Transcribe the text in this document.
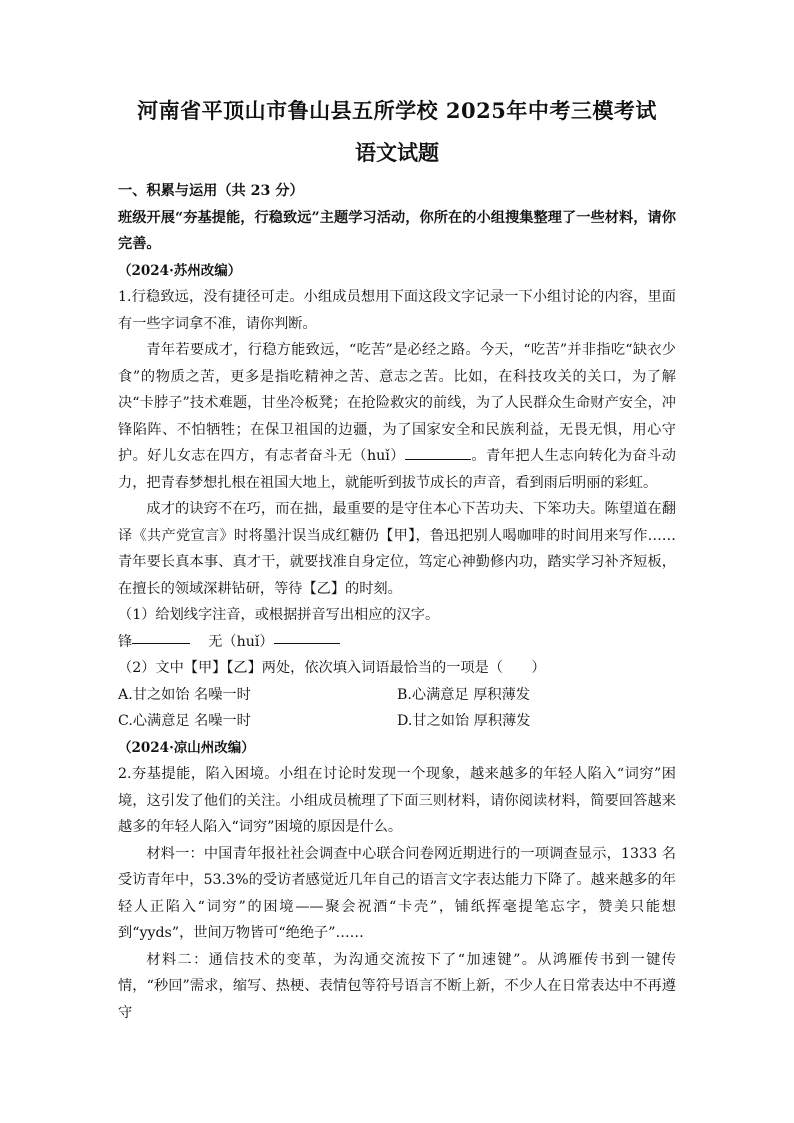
河南省平顶山市鲁山县五所学校 2025年中考三模考试
语文试题

一、积累与运用（共 23 分）

班级开展“夯基提能，行稳致远”主题学习活动，你所在的小组搜集整理了一些材料，请你完善。

（2024·苏州改编）

1.行稳致远，没有捷径可走。小组成员想用下面这段文字记录一下小组讨论的内容，里面有一些字词拿不准，请你判断。

青年若要成才，行稳方能致远，“吃苦”是必经之路。今天，“吃苦”并非指吃“缺衣少食”的物质之苦，更多是指吃精神之苦、意志之苦。比如，在科技攻关的关口，为了解决“卡脖子”技术难题，甘坐冷板凳；在抢险救灾的前线，为了人民群众生命财产安全，冲锋陷阵、不怕牺牲；在保卫祖国的边疆，为了国家安全和民族利益，无畏无惧，用心守护。好儿女志在四方，有志者奋斗无（huǐ）	。青年把人生志向转化为奋斗动力，把青春梦想扎根在祖国大地上，就能听到拔节成长的声音，看到雨后明丽的彩虹。

成才的诀窍不在巧，而在拙，最重要的是守住本心下苦功夫、下笨功夫。陈望道在翻译《共产党宣言》时将墨汁误当成红糖仍【甲】，鲁迅把别人喝咖啡的时间用来写作……青年要长真本事、真才干，就要找准自身定位，笃定心神勤修内功，踏实学习补齐短板，在擅长的领域深耕钻研，等待【乙】的时刻。

（1）给划线字注音，或根据拼音写出相应的汉字。

锋	无（huǐ）

（2）文中【甲】【乙】两处，依次填入词语最恰当的一项是（　　）

A.甘之如饴 名噪一时	B.心满意足 厚积薄发
C.心满意足 名噪一时	D.甘之如饴 厚积薄发

（2024·凉山州改编）

2.夯基提能，陷入困境。小组在讨论时发现一个现象，越来越多的年轻人陷入“词穷”困境，这引发了他们的关注。小组成员梳理了下面三则材料，请你阅读材料，简要回答越来越多的年轻人陷入“词穷”困境的原因是什么。

材料一：中国青年报社社会调查中心联合问卷网近期进行的一项调查显示，1333 名受访青年中，53.3%的受访者感觉近几年自己的语言文字表达能力下降了。越来越多的年轻人正陷入“词穷”的困境——聚会祝酒“卡壳”，铺纸挥毫提笔忘字，赞美只能想到“yyds”，世间万物皆可“绝绝子”……

材料二：通信技术的变革，为沟通交流按下了“加速键”。从鸿雁传书到一键传情，“秒回”需求，缩写、热梗、表情包等符号语言不断上新，不少人在日常表达中不再遵守
